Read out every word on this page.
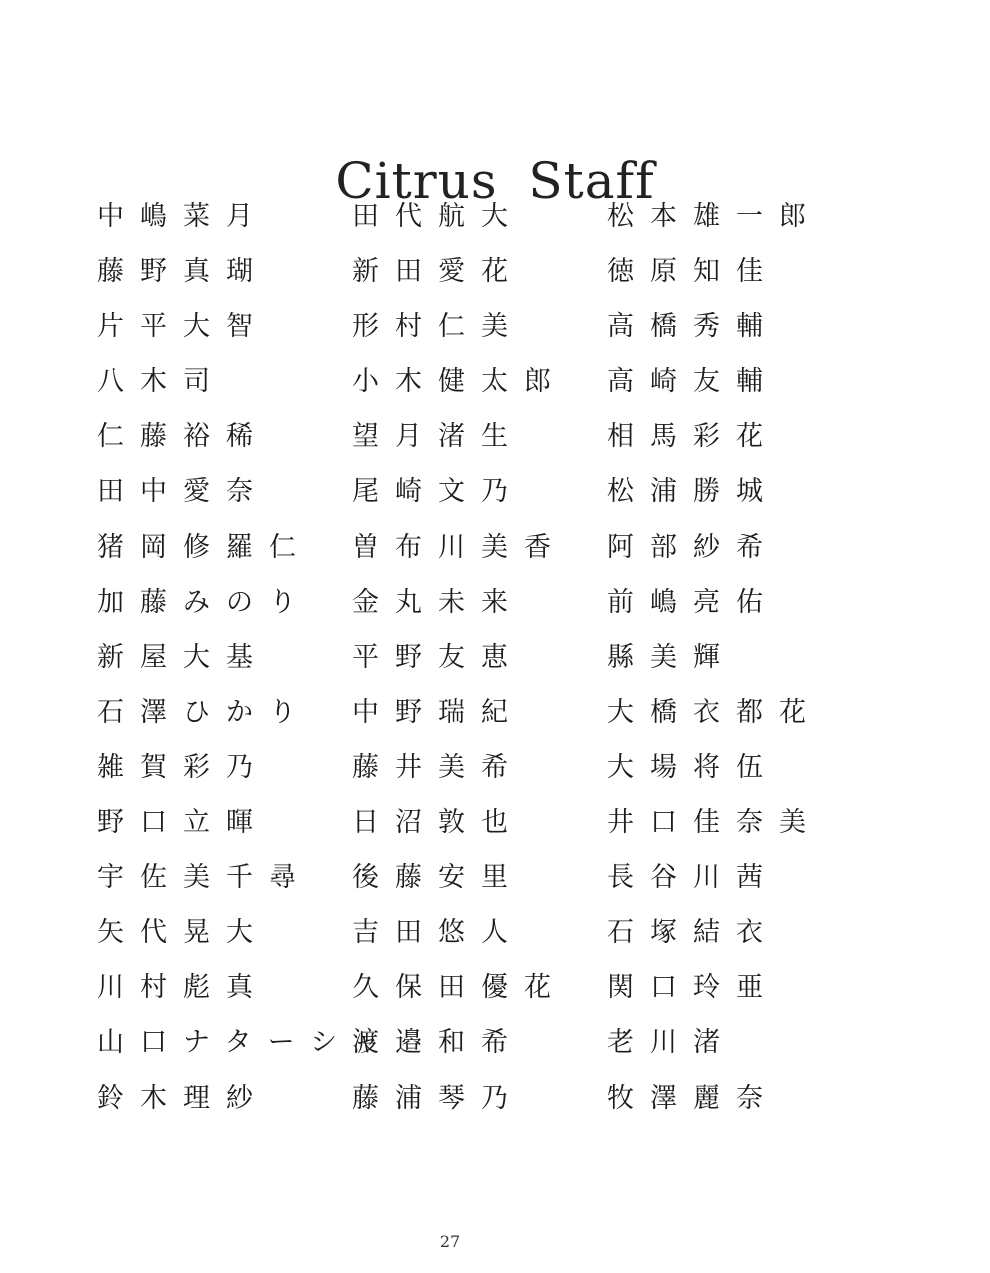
Citrus Staff
中嶋菜月
藤野真瑚
片平大智
八木司
仁藤裕稀
田中愛奈
猪岡修羅仁
加藤みのり
新屋大基
石澤ひかり
雑賀彩乃
野口立暉
宇佐美千尋
矢代晃大
川村彪真
山口ナターシャ
鈴木理紗
田代航大
新田愛花
形村仁美
小木健太郎
望月渚生
尾崎文乃
曽布川美香
金丸未来
平野友恵
中野瑞紀
藤井美希
日沼敦也
後藤安里
吉田悠人
久保田優花
渡邉和希
藤浦琴乃
松本雄一郎
徳原知佳
高橋秀輔
高崎友輔
相馬彩花
松浦勝城
阿部紗希
前嶋亮佑
縣美輝
大橋衣都花
大場将伍
井口佳奈美
長谷川茜
石塚結衣
関口玲亜
老川渚
牧澤麗奈
27
